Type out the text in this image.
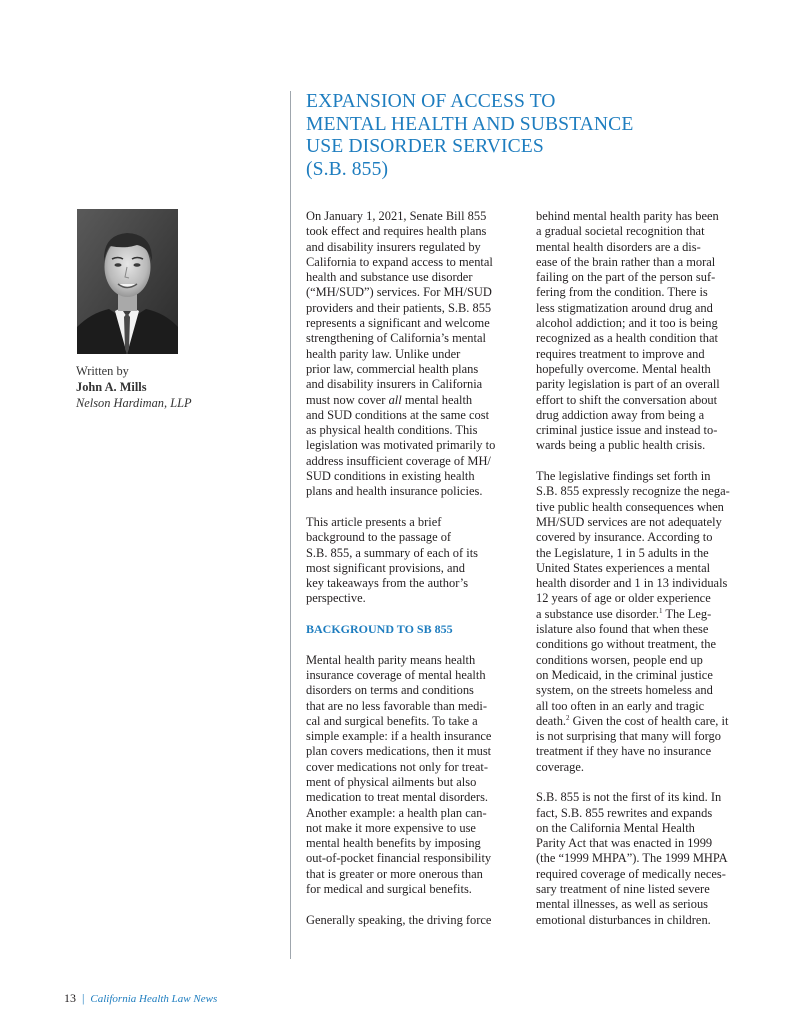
EXPANSION OF ACCESS TO
MENTAL HEALTH AND SUBSTANCE
USE DISORDER SERVICES
(S.B. 855)
Written by
John A. Mills
Nelson Hardiman, LLP

On January 1, 2021, Senate Bill 855
took effect and requires health plans
and disability insurers regulated by
California to expand access to mental
health and substance use disorder
(“MH/SUD”) services. For MH/SUD
providers and their patients, S.B. 855
represents a significant and welcome
strengthening of California’s mental
health parity law. Unlike under
prior law, commercial health plans
and disability insurers in California
must now cover all mental health
and SUD conditions at the same cost
as physical health conditions. This
legislation was motivated primarily to
address insufficient coverage of MH/
SUD conditions in existing health
plans and health insurance policies.

This article presents a brief
background to the passage of
S.B. 855, a summary of each of its
most significant provisions, and
key takeaways from the author’s
perspective.

BACKGROUND TO SB 855

Mental health parity means health
insurance coverage of mental health
disorders on terms and conditions
that are no less favorable than medi-
cal and surgical benefits. To take a
simple example: if a health insurance
plan covers medications, then it must
cover medications not only for treat-
ment of physical ailments but also
medication to treat mental disorders.
Another example: a health plan can-
not make it more expensive to use
mental health benefits by imposing
out-of-pocket financial responsibility
that is greater or more onerous than
for medical and surgical benefits.

Generally speaking, the driving force

behind mental health parity has been
a gradual societal recognition that
mental health disorders are a dis-
ease of the brain rather than a moral
failing on the part of the person suf-
fering from the condition. There is
less stigmatization around drug and
alcohol addiction; and it too is being
recognized as a health condition that
requires treatment to improve and
hopefully overcome. Mental health
parity legislation is part of an overall
effort to shift the conversation about
drug addiction away from being a
criminal justice issue and instead to-
wards being a public health crisis.

The legislative findings set forth in
S.B. 855 expressly recognize the nega-
tive public health consequences when
MH/SUD services are not adequately
covered by insurance. According to
the Legislature, 1 in 5 adults in the
United States experiences a mental
health disorder and 1 in 13 individuals
12 years of age or older experience
a substance use disorder.$^1$ The Leg-
islature also found that when these
conditions go without treatment, the
conditions worsen, people end up
on Medicaid, in the criminal justice
system, on the streets homeless and
all too often in an early and tragic
death.$^2$ Given the cost of health care, it
is not surprising that many will forgo
treatment if they have no insurance
coverage.

S.B. 855 is not the first of its kind. In
fact, S.B. 855 rewrites and expands
on the California Mental Health
Parity Act that was enacted in 1999
(the “1999 MHPA”). The 1999 MHPA
required coverage of medically neces-
sary treatment of nine listed severe
mental illnesses, as well as serious
emotional disturbances in children.

13 | California Health Law News
